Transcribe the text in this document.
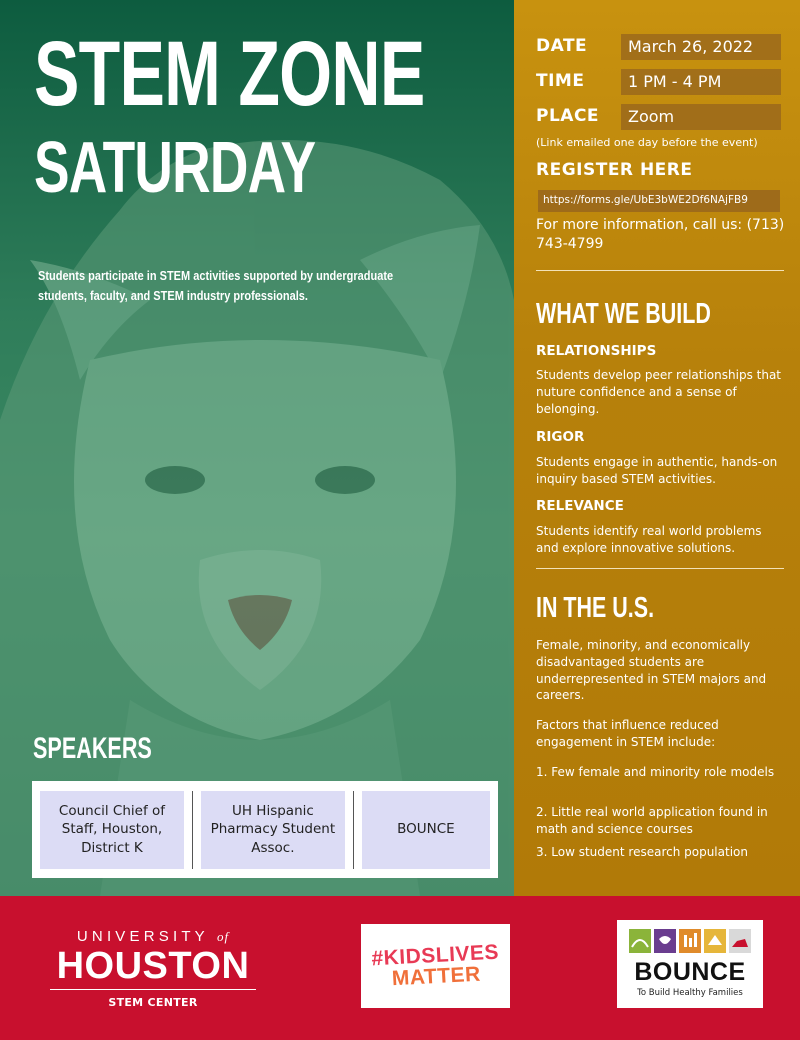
STEM ZONE
SATURDAY
Students participate in STEM activities supported by undergraduate students, faculty, and STEM industry professionals.
SPEAKERS
Council Chief of Staff, Houston, District K
UH Hispanic Pharmacy Student Assoc.
BOUNCE
DATE	March 26, 2022
TIME	1 PM - 4 PM
PLACE	Zoom
(Link emailed one day before the event)
REGISTER HERE
https://forms.gle/UbE3bWE2Df6NAjFB9
For more information, call us: (713) 743-4799
WHAT WE BUILD
RELATIONSHIPS
Students develop peer relationships that nuture confidence and a sense of belonging.
RIGOR
Students engage in authentic, hands-on inquiry based STEM activities.
RELEVANCE
Students identify real world problems and explore innovative solutions.
IN THE U.S.
Female, minority, and economically disadvantaged students are underrepresented in STEM majors and careers.
Factors that influence reduced engagement in STEM include:
1. Few female and minority role models
2. Little real world application found in math and science courses
3. Low student research population
UNIVERSITY of
HOUSTON
STEM CENTER
#KIDSLIVES
MATTER	BOUNCE
To Build Healthy Families
